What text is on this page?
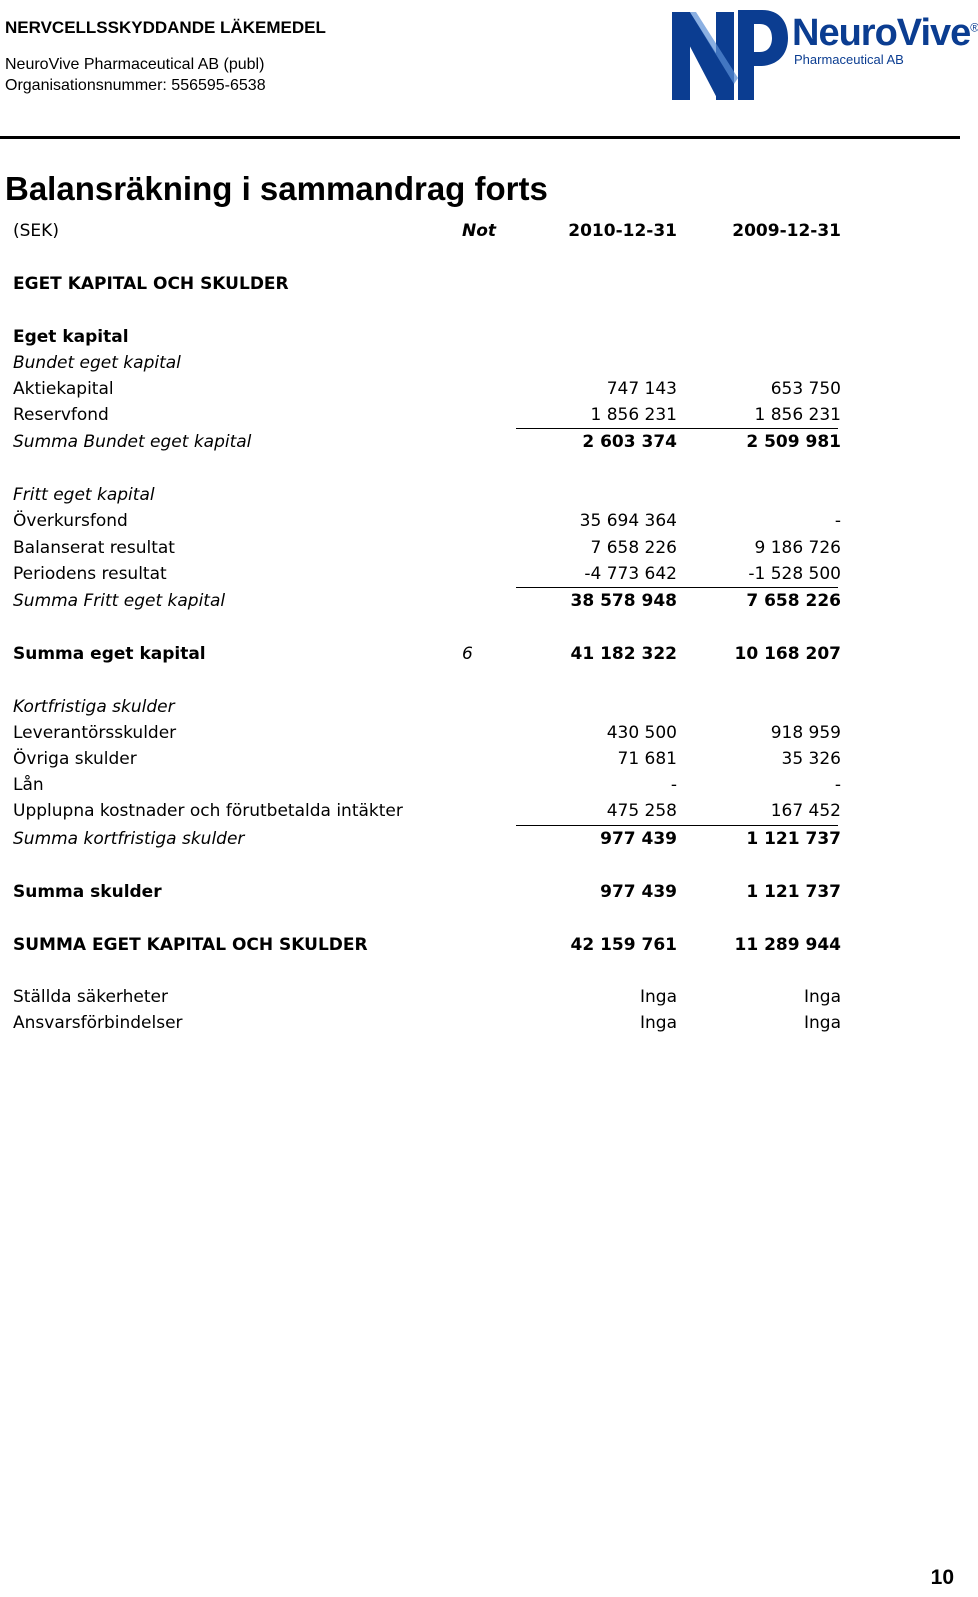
NERVCELLSSKYDDANDE LÄKEMEDEL
NeuroVive Pharmaceutical AB (publ)
Organisationsnummer: 556595-6538
NeuroVive®
Pharmaceutical AB
Balansräkning i sammandrag forts
(SEK)	Not	2010-12-31	2009-12-31
EGET KAPITAL OCH SKULDER
Eget kapital
Bundet eget kapital
Aktiekapital	747 143	653 750
Reservfond	1 856 231	1 856 231
Summa Bundet eget kapital	2 603 374	2 509 981
Fritt eget kapital
Överkursfond	35 694 364	-
Balanserat resultat	7 658 226	9 186 726
Periodens resultat	-4 773 642	-1 528 500
Summa Fritt eget kapital	38 578 948	7 658 226
Summa eget kapital	6	41 182 322	10 168 207
Kortfristiga skulder
Leverantörsskulder	430 500	918 959
Övriga skulder	71 681	35 326
Lån	-	-
Upplupna kostnader och förutbetalda intäkter	475 258	167 452
Summa kortfristiga skulder	977 439	1 121 737
Summa skulder	977 439	1 121 737
SUMMA EGET KAPITAL OCH SKULDER	42 159 761	11 289 944
Ställda säkerheter	Inga	Inga
Ansvarsförbindelser	Inga	Inga
10
